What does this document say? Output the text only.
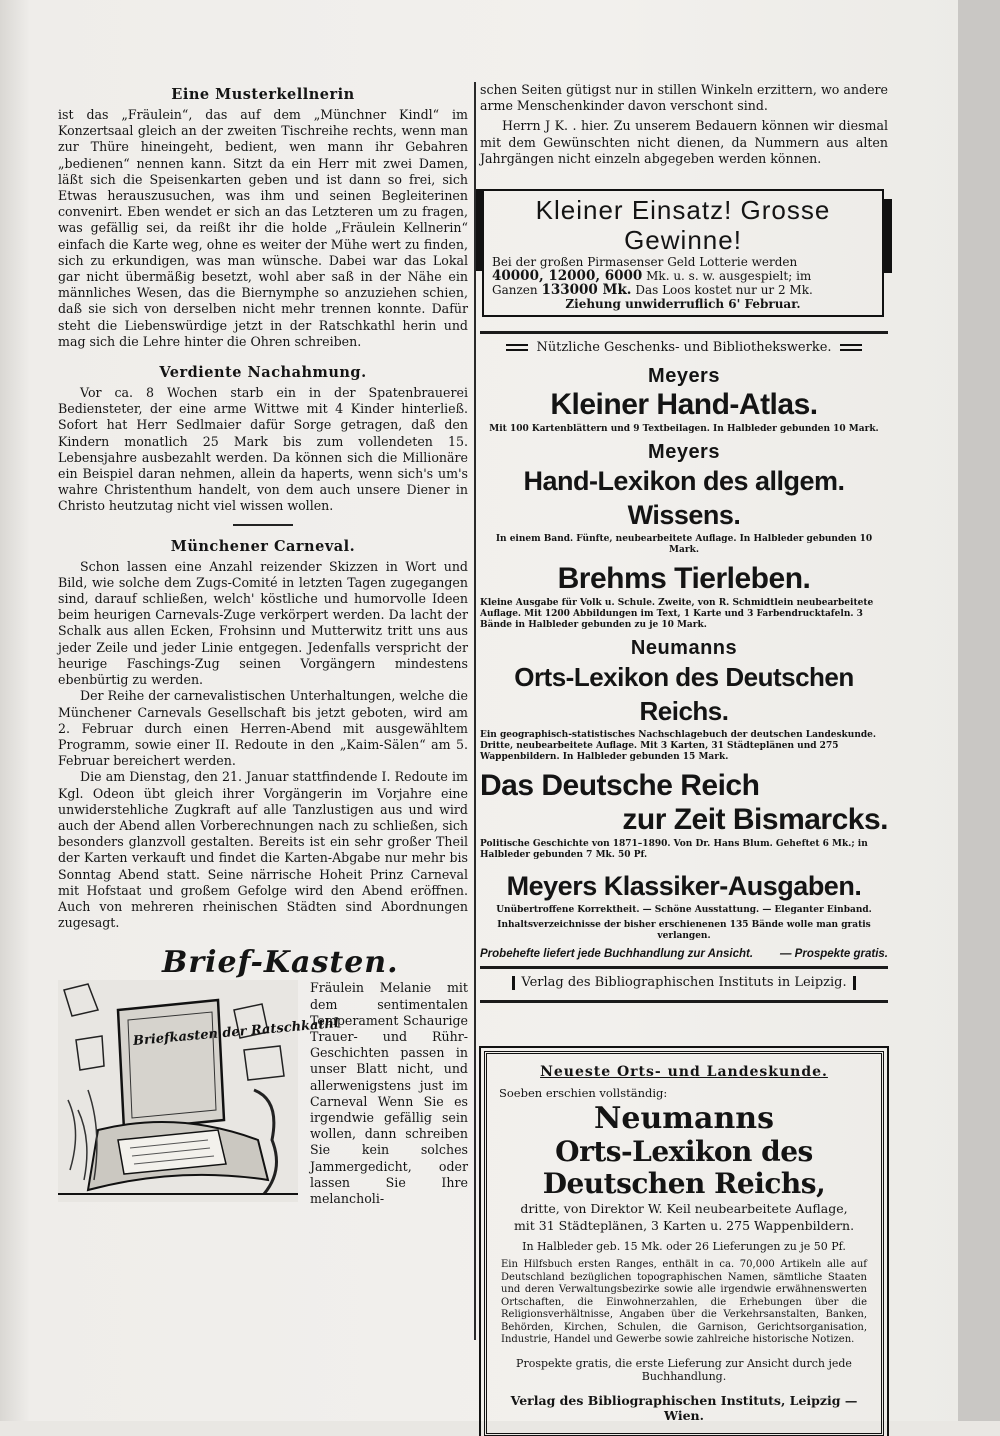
Eine Musterkellnerin

ist das „Fräulein“, das auf dem „Münchner Kindl“ im Konzertsaal gleich an der zweiten Tischreihe rechts, wenn man zur Thüre hineingeht, bedient, wen mann ihr Gebahren „bedienen“ nennen kann. Sitzt da ein Herr mit zwei Damen, läßt sich die Speisenkarten geben und ist dann so frei, sich Etwas herauszusuchen, was ihm und seinen Begleiterinen convenirt. Eben wendet er sich an das Letzteren um zu fragen, was gefällig sei, da reißt ihr die holde „Fräulein Kellnerin“ einfach die Karte weg, ohne es weiter der Mühe wert zu finden, sich zu erkundigen, was man wünsche. Dabei war das Lokal gar nicht übermäßig besetzt, wohl aber saß in der Nähe ein männliches Wesen, das die Biernymphe so anzuziehen schien, daß sie sich von derselben nicht mehr trennen konnte. Dafür steht die Liebenswürdige jetzt in der Ratschkathl herin und mag sich die Lehre hinter die Ohren schreiben.

Verdiente Nachahmung.

Vor ca. 8 Wochen starb ein in der Spatenbrauerei Bediensteter, der eine arme Wittwe mit 4 Kinder hinterließ. Sofort hat Herr Sedlmaier dafür Sorge getragen, daß den Kindern monatlich 25 Mark bis zum vollendeten 15. Lebensjahre ausbezahlt werden. Da können sich die Millionäre ein Beispiel daran nehmen, allein da haperts, wenn sich's um's wahre Christenthum handelt, von dem auch unsere Diener in Christo heutzutag nicht viel wissen wollen.

Münchener Carneval.

Schon lassen eine Anzahl reizender Skizzen in Wort und Bild, wie solche dem Zugs-Comité in letzten Tagen zugegangen sind, darauf schließen, welch' köstliche und humorvolle Ideen beim heurigen Carnevals-Zuge verkörpert werden. Da lacht der Schalk aus allen Ecken, Frohsinn und Mutterwitz tritt uns aus jeder Zeile und jeder Linie entgegen. Jedenfalls verspricht der heurige Faschings-Zug seinen Vorgängern mindestens ebenbürtig zu werden.

Der Reihe der carnevalistischen Unterhaltungen, welche die Münchener Carnevals Gesellschaft bis jetzt geboten, wird am 2. Februar durch einen Herren-Abend mit ausgewähltem Programm, sowie einer II. Redoute in den „Kaim-Sälen“ am 5. Februar bereichert werden.

Die am Dienstag, den 21. Januar stattfindende I. Redoute im Kgl. Odeon übt gleich ihrer Vorgängerin im Vorjahre eine unwiderstehliche Zugkraft auf alle Tanzlustigen aus und wird auch der Abend allen Vorberechnungen nach zu schließen, sich besonders glanzvoll gestalten. Bereits ist ein sehr großer Theil der Karten verkauft und findet die Karten-Abgabe nur mehr bis Sonntag Abend statt. Seine närrische Hoheit Prinz Carneval mit Hofstaat und großem Gefolge wird den Abend eröffnen. Auch von mehreren rheinischen Städten sind Abordnungen zugesagt.

Brief-Kasten.
Briefkasten der Ratschkathl

Fräulein Melanie mit dem sentimentalen Temperament Schaurige Trauer- und Rühr-Geschichten passen in unser Blatt nicht, und allerwenigstens just im Carneval Wenn Sie es irgendwie gefällig sein wollen, dann schreiben Sie kein solches Jammergedicht, oder lassen Sie Ihre melancholi-

schen Seiten gütigst nur in stillen Winkeln erzittern, wo andere arme Menschenkinder davon verschont sind.

Herrn J K. . hier. Zu unserem Bedauern können wir diesmal mit dem Gewünschten nicht dienen, da Nummern aus alten Jahrgängen nicht einzeln abgegeben werden können.

Kleiner Einsatz! Grosse Gewinne!

Bei der großen Pirmasenser Geld Lotterie werden

40000, 12000, 6000 Mk. u. s. w. ausgespielt; im

Ganzen 133000 Mk. Das Loos kostet nur ur 2 Mk.

Ziehung unwiderruflich 6' Februar.

Nützliche Geschenks- und Bibliothekswerke.
Meyers
Kleiner Hand-Atlas.
Mit 100 Kartenblättern und 9 Textbeilagen. In Halbleder gebunden 10 Mark.
Meyers
Hand-Lexikon des allgem. Wissens.
In einem Band. Fünfte, neubearbeitete Auflage. In Halbleder gebunden 10 Mark.
Brehms Tierleben.
Kleine Ausgabe für Volk u. Schule. Zweite, von R. Schmidtlein neubearbeitete Auflage. Mit 1200 Abbildungen im Text, 1 Karte und 3 Farbendrucktafeln. 3 Bände in Halbleder gebunden zu je 10 Mark.
Neumanns
Orts-Lexikon des Deutschen Reichs.
Ein geographisch-statistisches Nachschlagebuch der deutschen Landeskunde. Dritte, neubearbeitete Auflage. Mit 3 Karten, 31 Städteplänen und 275 Wappenbildern. In Halbleder gebunden 15 Mark.
Das Deutsche Reich
zur Zeit Bismarcks.
Politische Geschichte von 1871–1890. Von Dr. Hans Blum. Geheftet 6 Mk.; in Halbleder gebunden 7 Mk. 50 Pf.
Meyers Klassiker-Ausgaben.
Unübertroffene Korrektheit. — Schöne Ausstattung. — Eleganter Einband.
Inhaltsverzeichnisse der bisher erschienenen 135 Bände wolle man gratis verlangen.
Probehefte liefert jede Buchhandlung zur Ansicht. — Prospekte gratis.
Verlag des Bibliographischen Instituts in Leipzig.

Neueste Orts- und Landeskunde.

Soeben erschien vollständig:

Neumanns

Orts-Lexikon des Deutschen Reichs,

dritte, von Direktor W. Keil neubearbeitete Auflage,

mit 31 Städteplänen, 3 Karten u. 275 Wappenbildern.

In Halbleder geb. 15 Mk. oder 26 Lieferungen zu je 50 Pf.

Ein Hilfsbuch ersten Ranges, enthält in ca. 70,000 Artikeln alle auf Deutschland bezüglichen topographischen Namen, sämtliche Staaten und deren Verwaltungsbezirke sowie alle irgendwie erwähnenswerten Ortschaften, die Einwohnerzahlen, die Erhebungen über die Religionsverhältnisse, Angaben über die Verkehrsanstalten, Banken, Behörden, Kirchen, Schulen, die Garnison, Gerichtsorganisation, Industrie, Handel und Gewerbe sowie zahlreiche historische Notizen.

Prospekte gratis, die erste Lieferung zur Ansicht durch jede Buchhandlung.

Verlag des Bibliographischen Instituts, Leipzig — Wien.
